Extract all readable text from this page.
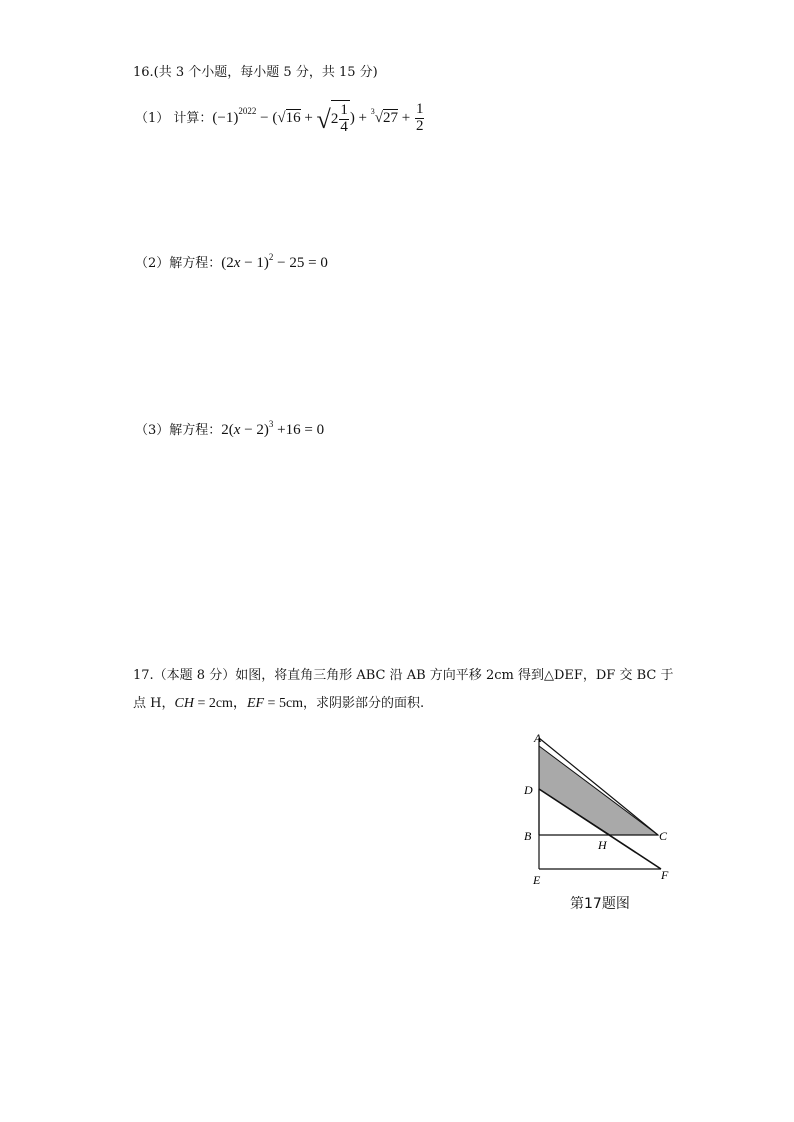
16.(共 3 个小题，每小题 5 分，共 15 分)
（1） 计算： $(-1)^{2022}$ − ( √16 + √ $2 \frac{1}{4}$ ) + $^3√27 + \frac{1}{2}$
（2）解方程： $(2x - 1)^2 - 25 = 0$
（3）解方程： $2(x - 2)^3 +16 = 0$
17.（本题 8 分）如图，将直角三角形 ABC 沿 AB 方向平移 2cm 得到△DEF，DF 交 BC 于
点 H， CH = 2cm， EF = 5cm ，求阴影部分的面积.
A
D
B
H
C
E	F
第17题图
